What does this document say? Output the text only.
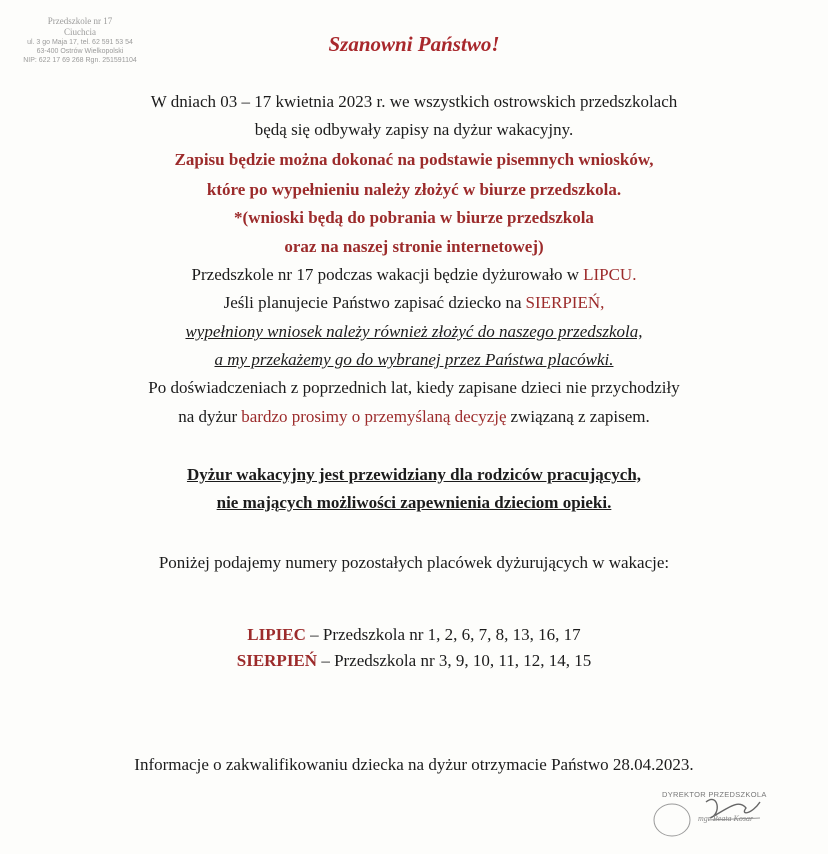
Przedszkole nr 17
Ciuchcia
ul. 3 go Maja 17, tel. 62 591 53 54
63-400 Ostrów Wielkopolski
NIP: 622 17 69 268 Rgn. 251591104
Szanowni Państwo!
W dniach 03 – 17 kwietnia 2023 r. we wszystkich ostrowskich przedszkolach
będą się odbywały zapisy na dyżur wakacyjny.
Zapisu będzie można dokonać na podstawie pisemnych wniosków,
które po wypełnieniu należy złożyć w biurze przedszkola.
*(wnioski będą do pobrania w biurze przedszkola
oraz na naszej stronie internetowej)
Przedszkole nr 17 podczas wakacji będzie dyżurowało w LIPCU.
Jeśli planujecie Państwo zapisać dziecko na SIERPIEŃ,
wypełniony wniosek należy również złożyć do naszego przedszkola,
a my przekażemy go do wybranej przez Państwa placówki.
Po doświadczeniach z poprzednich lat, kiedy zapisane dzieci nie przychodziły
na dyżur bardzo prosimy o przemyślaną decyzję związaną z zapisem.
Dyżur wakacyjny jest przewidziany dla rodziców pracujących,
nie mających możliwości zapewnienia dzieciom opieki.
Poniżej podajemy numery pozostałych placówek dyżurujących w wakacje:
LIPIEC – Przedszkola nr 1, 2, 6, 7, 8, 13, 16, 17
SIERPIEŃ – Przedszkola nr 3, 9, 10, 11, 12, 14, 15
Informacje o zakwalifikowaniu dziecka na dyżur otrzymacie Państwo 28.04.2023.
DYREKTOR PRZEDSZKOLA
mgr Beata Kosar
